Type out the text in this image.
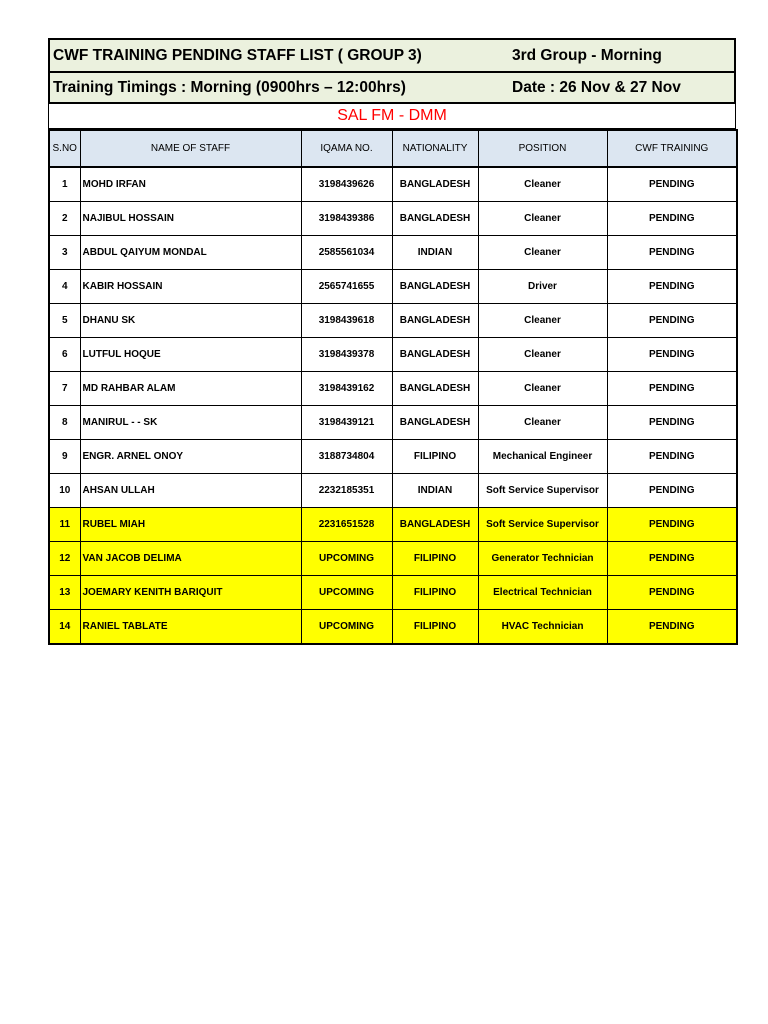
CWF TRAINING PENDING STAFF LIST ( GROUP 3)	3rd Group - Morning
Training Timings : Morning (0900hrs – 12:00hrs)	Date : 26 Nov & 27 Nov
SAL FM - DMM
S.NO	NAME OF STAFF	IQAMA NO.	NATIONALITY	POSITION	CWF TRAINING
1	MOHD IRFAN	3198439626	BANGLADESH	Cleaner	PENDING
2	NAJIBUL HOSSAIN	3198439386	BANGLADESH	Cleaner	PENDING
3	ABDUL QAIYUM MONDAL	2585561034	INDIAN	Cleaner	PENDING
4	KABIR HOSSAIN	2565741655	BANGLADESH	Driver	PENDING
5	DHANU SK	3198439618	BANGLADESH	Cleaner	PENDING
6	LUTFUL HOQUE	3198439378	BANGLADESH	Cleaner	PENDING
7	MD RAHBAR ALAM	3198439162	BANGLADESH	Cleaner	PENDING
8	MANIRUL - - SK	3198439121	BANGLADESH	Cleaner	PENDING
9	ENGR. ARNEL ONOY	3188734804	FILIPINO	Mechanical Engineer	PENDING
10	AHSAN ULLAH	2232185351	INDIAN	Soft Service Supervisor	PENDING
11	RUBEL MIAH	2231651528	BANGLADESH	Soft Service Supervisor	PENDING
12	VAN JACOB DELIMA	UPCOMING	FILIPINO	Generator Technician	PENDING
13	JOEMARY KENITH BARIQUIT	UPCOMING	FILIPINO	Electrical Technician	PENDING
14	RANIEL TABLATE	UPCOMING	FILIPINO	HVAC Technician	PENDING
